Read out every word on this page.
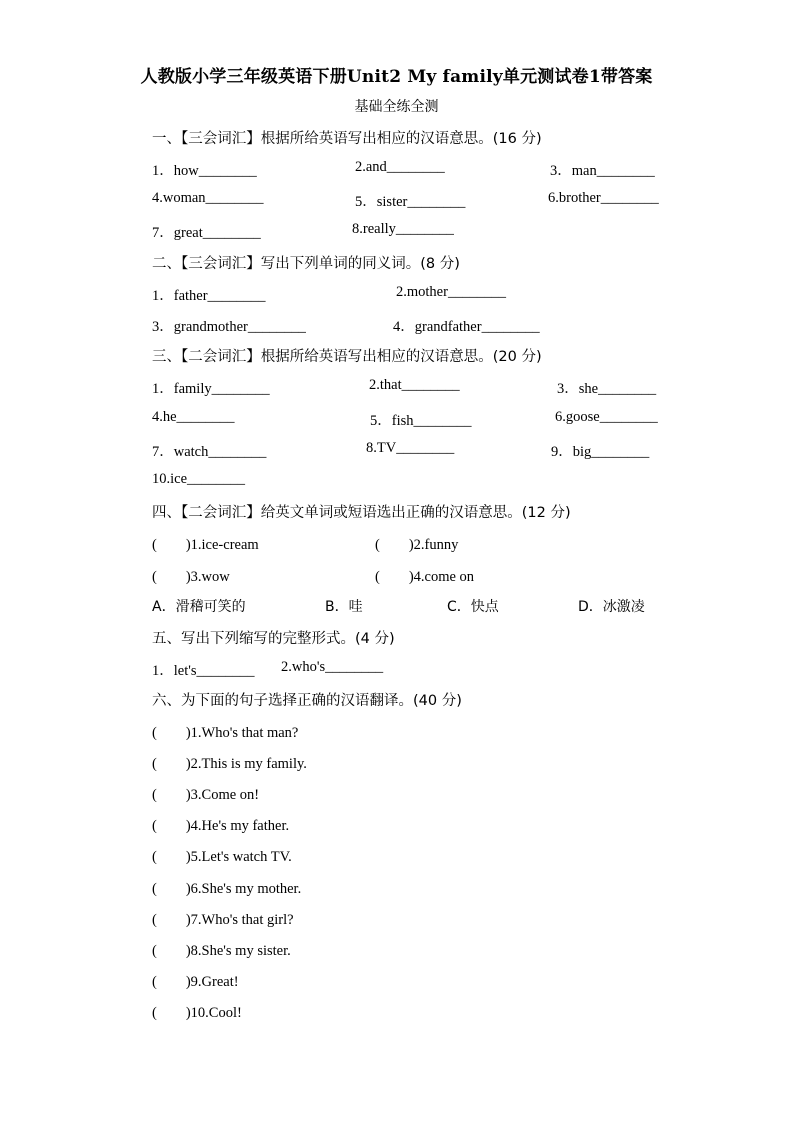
人教版小学三年级英语下册Unit2 My family单元测试卷1带答案
基础全练全测
一、【三会词汇】根据所给英语写出相应的汉语意思。(16 分)
1．how________	2.and________	3．man________
4.woman________	5．sister________	6.brother________
7．great________	8.really________
二、【三会词汇】写出下列单词的同义词。(8 分)
1．father________	2.mother________
3．grandmother________	4．grandfather________
三、【二会词汇】根据所给英语写出相应的汉语意思。(20 分)
1．family________	2.that________	3．she________
4.he________	5．fish________	6.goose________
7．watch________	8.TV________	9．big________
10.ice________
四、【二会词汇】给英文单词或短语选出正确的汉语意思。(12 分)
(　　)1.ice-cream	(　　)2.funny
(　　)3.wow	(　　)4.come on
A．滑稽可笑的	B．哇	C．快点	D．冰激凌
五、写出下列缩写的完整形式。(4 分)
1．let's________ 2.who's________
六、为下面的句子选择正确的汉语翻译。(40 分)
(　　)1.Who's that man?
(　　)2.This is my family.
(　　)3.Come on!
(　　)4.He's my father.
(　　)5.Let's watch TV.
(　　)6.She's my mother.
(　　)7.Who's that girl?
(　　)8.She's my sister.
(　　)9.Great!
(　　)10.Cool!
